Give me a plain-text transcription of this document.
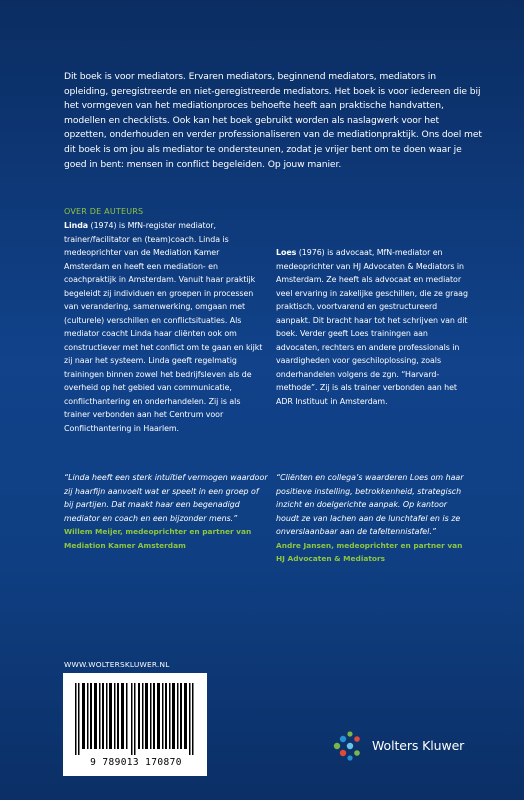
Dit boek is voor mediators. Ervaren mediators, beginnend mediators, mediators in opleiding, geregistreerde en niet-geregistreerde mediators. Het boek is voor iedereen die bij het vormgeven van het mediationproces behoefte heeft aan praktische handvatten, modellen en checklists. Ook kan het boek gebruikt worden als naslagwerk voor het opzetten, onderhouden en verder professionaliseren van de mediationpraktijk. Ons doel met dit boek is om jou als mediator te ondersteunen, zodat je vrijer bent om te doen waar je goed in bent: mensen in conflict begeleiden. Op jouw manier.
OVER DE AUTEURS
Linda (1974) is MfN-register mediator, trainer/facilitator en (team)coach. Linda is medeoprichter van de Mediation Kamer Amsterdam en heeft een mediation- en coachpraktijk in Amsterdam. Vanuit haar praktijk begeleidt zij individuen en groepen in processen van verandering, samenwerking, omgaan met (culturele) verschillen en conflictsituaties. Als mediator coacht Linda haar cliënten ook om constructiever met het conflict om te gaan en kijkt zij naar het systeem. Linda geeft regelmatig trainingen binnen zowel het bedrijfsleven als de overheid op het gebied van communicatie, conflicthantering en onderhandelen. Zij is als trainer verbonden aan het Centrum voor Conflicthantering in Haarlem.
Loes (1976) is advocaat, MfN-mediator en medeoprichter van HJ Advocaten & Mediators in Amsterdam. Ze heeft als advocaat en mediator veel ervaring in zakelijke geschillen, die ze graag praktisch, voortvarend en gestructureerd aanpakt. Dit bracht haar tot het schrijven van dit boek. Verder geeft Loes trainingen aan advocaten, rechters en andere professionals in vaardigheden voor geschiloplossing, zoals onderhandelen volgens de zgn. “Harvard-methode”. Zij is als trainer verbonden aan het ADR Instituut in Amsterdam.
“Linda heeft een sterk intuïtief vermogen waardoor zij haarfijn aanvoelt wat er speelt in een groep of bij partijen. Dat maakt haar een begenadigd mediator en coach en een bijzonder mens.”
Willem Meijer, medeoprichter en partner van Mediation Kamer Amsterdam
“Cliënten en collega’s waarderen Loes om haar positieve instelling, betrokkenheid, strategisch inzicht en doelgerichte aanpak. Op kantoor houdt ze van lachen aan de lunchtafel en is ze onverslaanbaar aan de tafeltennistafel.”
Andre Jansen, medeoprichter en partner van HJ Advocaten & Mediators
WWW.WOLTERSKLUWER.NL
9 789013 170870
Wolters Kluwer
